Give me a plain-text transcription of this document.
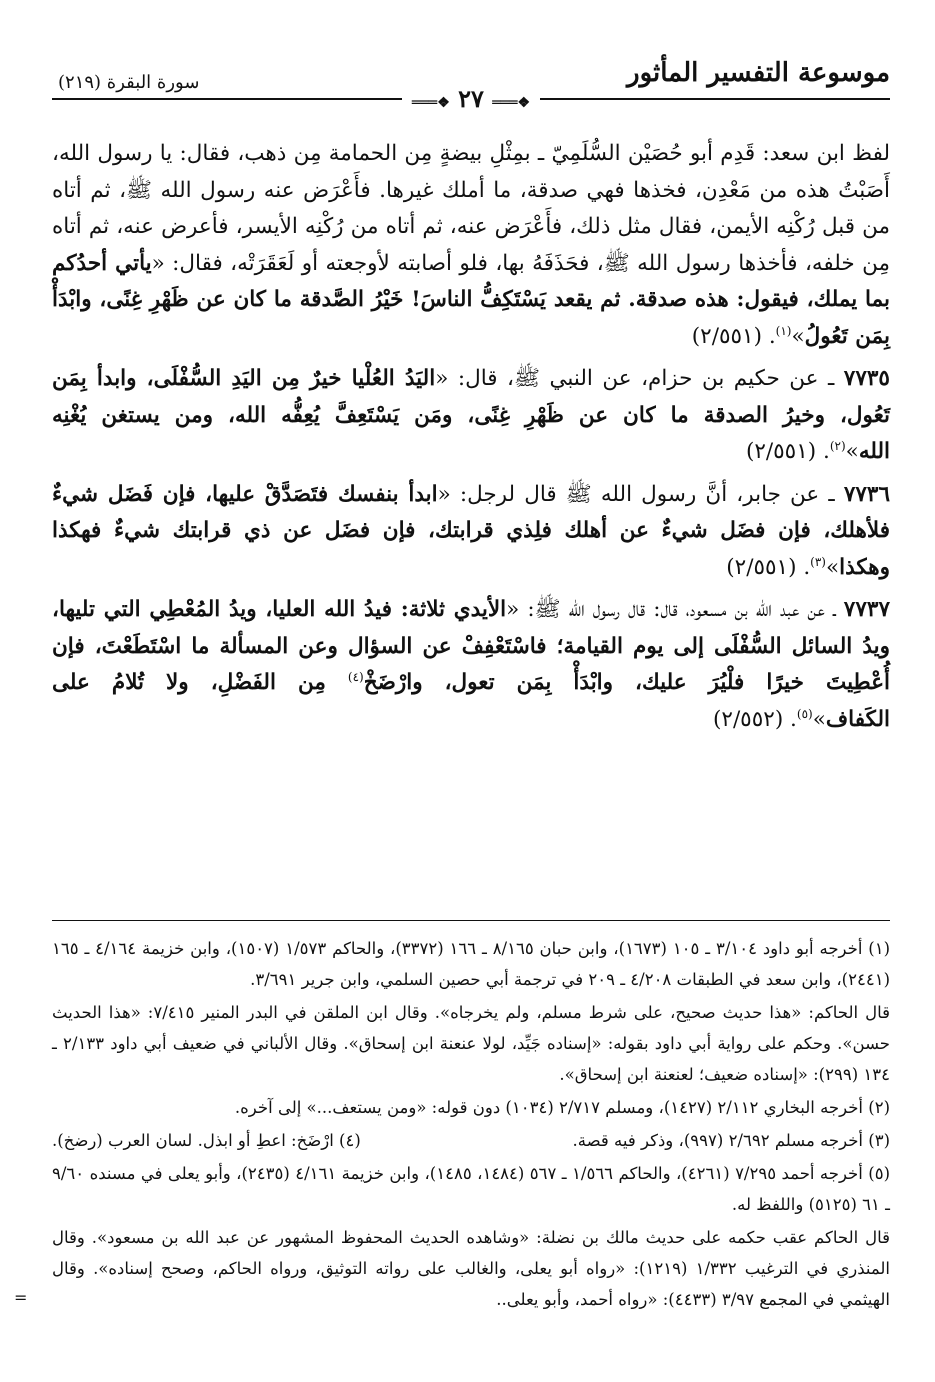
موسوعة التفسير المأثور
سورة البقرة (٢١٩)
❖═══ ٢٧ ❖═══

لفظ ابن سعد: قَدِم أبو حُصَيْن السُّلَمِيّ ـ بمِثْلِ بيضةٍ مِن الحمامة مِن ذهب، فقال: يا رسول الله، أَصَبْتُ هذه من مَعْدِن، فخذها فهي صدقة، ما أملك غيرها. فأَعْرَض عنه رسول الله ﷺ، ثم أتاه من قبل رُكْنِه الأيمن، فقال مثل ذلك، فأَعْرَض عنه، ثم أتاه من رُكْنِه الأيسر، فأعرض عنه، ثم أتاه مِن خلفه، فأخذها رسول الله ﷺ، فحَذَفَهُ بها، فلو أصابته لأوجعته أو لَعَقَرَتْه، فقال: «يأتي أحدُكم بما يملك، فيقول: هذه صدقة. ثم يقعد يَسْتَكِفُّ الناسَ! خَيْرُ الصَّدقة ما كان عن ظَهْرِ غِنًى، وابْدَأْ بِمَن تَعُولُ»$^{(١)}$. (٢/٥٥١)

٧٧٣٥ ـ عن حكيم بن حزام، عن النبي ﷺ، قال: «اليَدُ العُلْيا خيرٌ مِن اليَدِ السُّفْلَى، وابدأ بِمَن تَعُول، وخيرُ الصدقة ما كان عن ظَهْرِ غِنًى، ومَن يَسْتَعِفَّ يُعِفُّه الله، ومن يستغن يُغْنِه الله»$^{(٢)}$. (٢/٥٥١)

٧٧٣٦ ـ عن جابر، أنَّ رسول الله ﷺ قال لرجل: «ابدأ بنفسك فتَصَدَّقْ عليها، فإن فَضَل شيءٌ فلأهلك، فإن فضَل شيءٌ عن أهلك فلِذي قرابتك، فإن فضَل عن ذي قرابتك شيءٌ فهكذا وهكذا»$^{(٣)}$. (٢/٥٥١)

٧٧٣٧ ـ عن عبد الله بن مسعود، قال: قال رسول الله ﷺ: «الأيدي ثلاثة: فيدُ الله العليا، ويدُ المُعْطِي التي تليها، ويدُ السائل السُّفْلَى إلى يوم القيامة؛ فاسْتَعْفِفْ عن السؤال وعن المسألة ما اسْتَطَعْتَ، فإن أُعْطِيتَ خيرًا فلْيُرَ عليك، وابْدَأْ بِمَن تعول، وارْضَخْ$^{(٤)}$ مِن الفَضْلِ، ولا تُلامُ على الكَفاف»$^{(٥)}$. (٢/٥٥٢)

(١) أخرجه أبو داود ٣/١٠٤ ـ ١٠٥ (١٦٧٣)، وابن حبان ٨/١٦٥ ـ ١٦٦ (٣٣٧٢)، والحاكم ١/٥٧٣ (١٥٠٧)، وابن خزيمة ٤/١٦٤ ـ ١٦٥ (٢٤٤١)، وابن سعد في الطبقات ٤/٢٠٨ ـ ٢٠٩ في ترجمة أبي حصين السلمي، وابن جرير ٣/٦٩١.

قال الحاكم: «هذا حديث صحيح، على شرط مسلم، ولم يخرجاه». وقال ابن الملقن في البدر المنير ٧/٤١٥: «هذا الحديث حسن». وحكم على رواية أبي داود بقوله: «إسناده جَيِّد، لولا عنعنة ابن إسحاق». وقال الألباني في ضعيف أبي داود ٢/١٣٣ ـ ١٣٤ (٢٩٩): «إسناده ضعيف؛ لعنعنة ابن إسحاق».

(٢) أخرجه البخاري ٢/١١٢ (١٤٢٧)، ومسلم ٢/٧١٧ (١٠٣٤) دون قوله: «ومن يستعف...» إلى آخره.

(٣) أخرجه مسلم ٢/٦٩٢ (٩٩٧)، وذكر فيه قصة.
(٤) ارْضَخ: اعطِ أو ابذل. لسان العرب (رضخ).

(٥) أخرجه أحمد ٧/٢٩٥ (٤٢٦١)، والحاكم ١/٥٦٦ ـ ٥٦٧ (١٤٨٤، ١٤٨٥)، وابن خزيمة ٤/١٦١ (٢٤٣٥)، وأبو يعلى في مسنده ٩/٦٠ ـ ٦١ (٥١٢٥) واللفظ له.

قال الحاكم عقب حكمه على حديث مالك بن نضلة: «وشاهده الحديث المحفوظ المشهور عن عبد الله بن مسعود». وقال المنذري في الترغيب ١/٣٣٢ (١٢١٩): «رواه أبو يعلى، والغالب على رواته التوثيق، ورواه الحاكم، وصحح إسناده». وقال الهيثمي في المجمع ٣/٩٧ (٤٤٣٣): «رواه أحمد، وأبو يعلى..
=
